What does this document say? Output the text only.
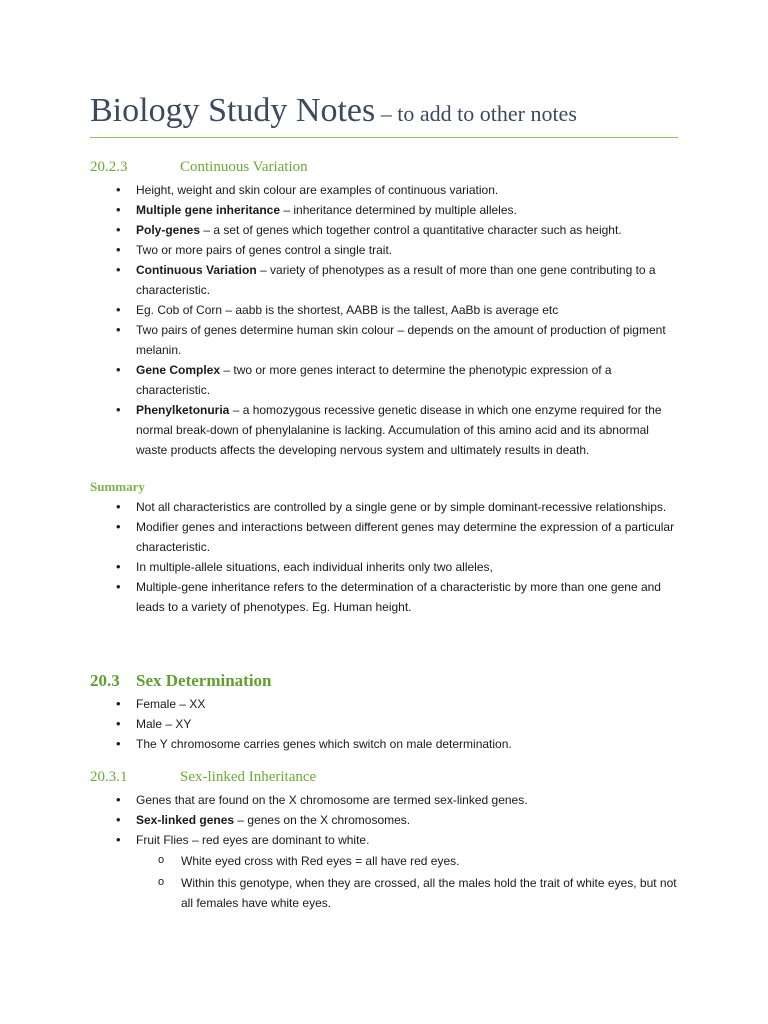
Biology Study Notes – to add to other notes
20.2.3	Continuous Variation
• Height, weight and skin colour are examples of continuous variation.
• Multiple gene inheritance – inheritance determined by multiple alleles.
• Poly-genes – a set of genes which together control a quantitative character such as height.
• Two or more pairs of genes control a single trait.
• Continuous Variation – variety of phenotypes as a result of more than one gene contributing to a characteristic.
• Eg. Cob of Corn – aabb is the shortest, AABB is the tallest, AaBb is average etc
• Two pairs of genes determine human skin colour – depends on the amount of production of pigment melanin.
• Gene Complex – two or more genes interact to determine the phenotypic expression of a characteristic.
• Phenylketonuria – a homozygous recessive genetic disease in which one enzyme required for the normal break-down of phenylalanine is lacking. Accumulation of this amino acid and its abnormal waste products affects the developing nervous system and ultimately results in death.
Summary
• Not all characteristics are controlled by a single gene or by simple dominant-recessive relationships.
• Modifier genes and interactions between different genes may determine the expression of a particular characteristic.
• In multiple-allele situations, each individual inherits only two alleles,
• Multiple-gene inheritance refers to the determination of a characteristic by more than one gene and leads to a variety of phenotypes. Eg. Human height.
20.3 Sex Determination
• Female – XX
• Male – XY
• The Y chromosome carries genes which switch on male determination.
20.3.1	Sex-linked Inheritance
• Genes that are found on the X chromosome are termed sex-linked genes.
• Sex-linked genes – genes on the X chromosomes.
• Fruit Flies – red eyes are dominant to white.
o White eyed cross with Red eyes = all have red eyes.
o Within this genotype, when they are crossed, all the males hold the trait of white eyes, but not all females have white eyes.
